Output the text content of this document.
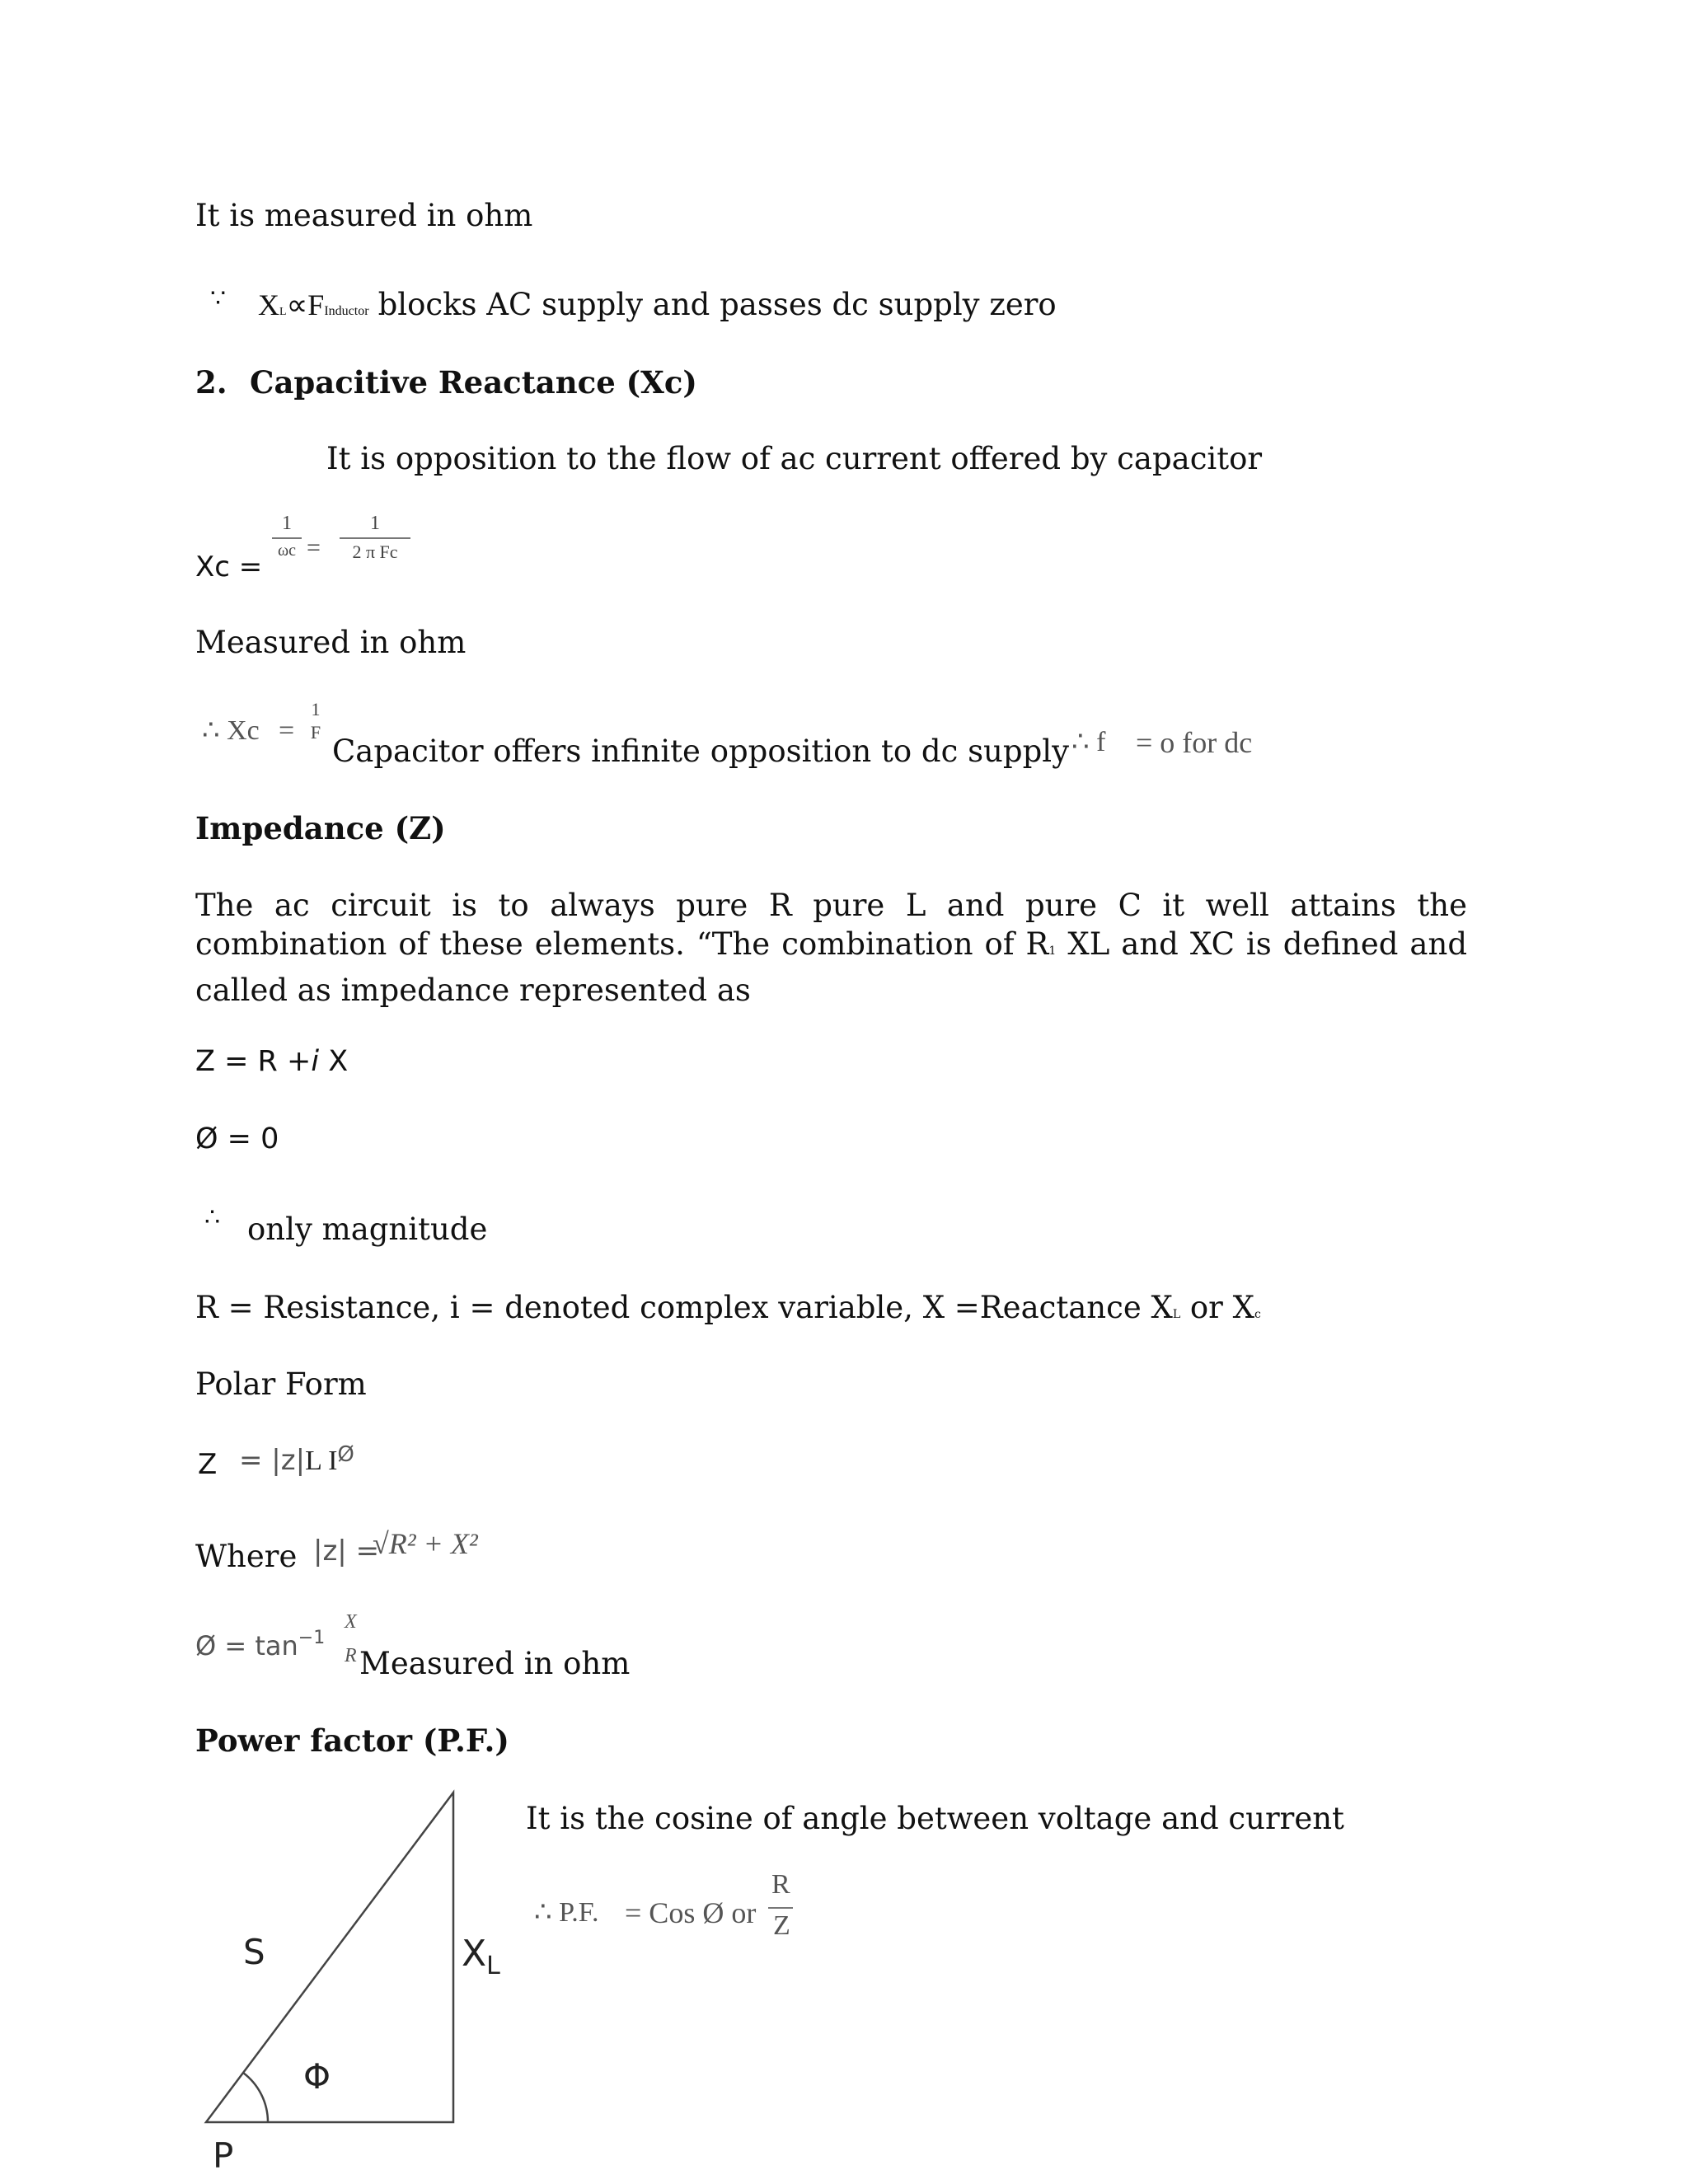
It is measured in ohm
∵ XL∝FInductor blocks AC supply and passes dc supply zero
2. Capacitive Reactance (Xc)
It is opposition to the flow of ac current offered by capacitor
Xc =
1
ωc =
1
2 π Fc
Measured in ohm
∴ Xc =
1
F
Capacitor offers infinite opposition to dc supply ∴ f = o for dc
Impedance (Z)
The ac circuit is to always pure R pure L and pure C it well attains the combination of these elements. “The combination of R1 XL and XC is defined and called as impedance represented as
Z = R +i X
Ø = 0
∴ only magnitude
R = Resistance, i = denoted complex variable, X =Reactance XL or Xc
Polar Form
Z = |z|L $I^Ø$
Where |z| =
√R² + X²
Ø = $\tan^{-1}$
X
R Measured in ohm
Power factor (P.F.)
It is the cosine of angle between voltage and current
∴ P.F. = Cos Ø or
R
Z
S	$X_L$
Φ
P
